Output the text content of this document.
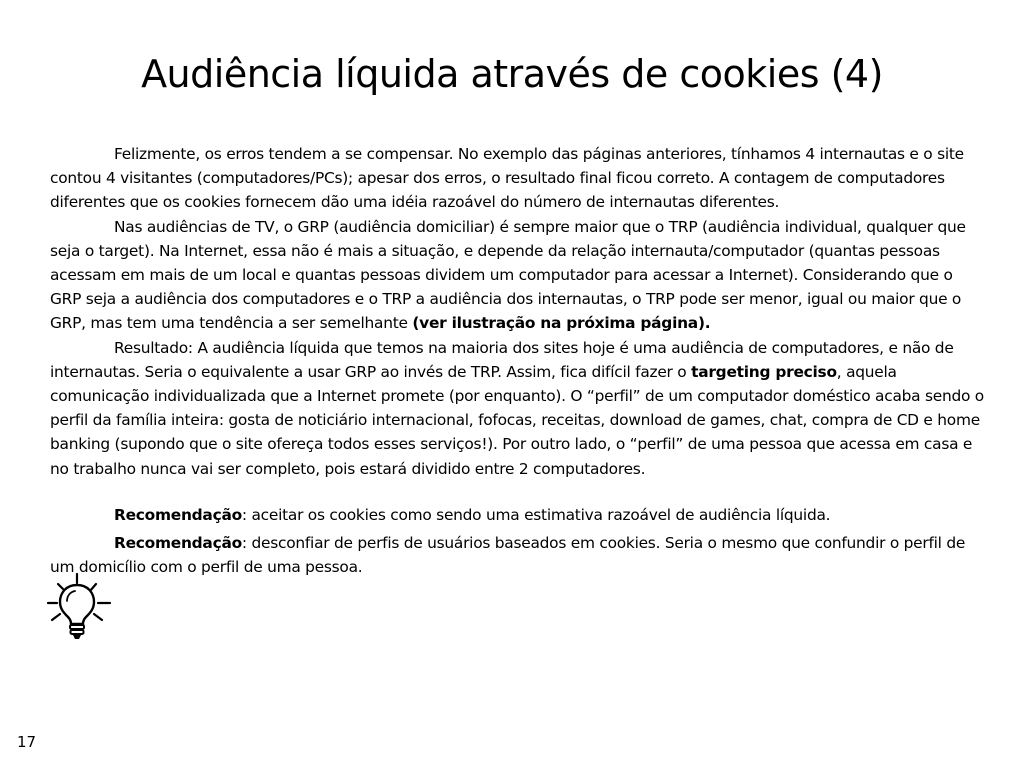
Audiência líquida através de cookies (4)

Felizmente, os erros tendem a se compensar. No exemplo das páginas anteriores, tínhamos 4 internautas e o site contou 4 visitantes (computadores/PCs); apesar dos erros, o resultado final ficou correto. A contagem de computadores diferentes que os cookies fornecem dão uma idéia razoável do número de internautas diferentes.

Nas audiências de TV, o GRP (audiência domiciliar) é sempre maior que o TRP (audiência individual, qualquer que seja o target). Na Internet, essa não é mais a situação, e depende da relação internauta/computador (quantas pessoas acessam em mais de um local e quantas pessoas dividem um computador para acessar a Internet). Considerando que o GRP seja a audiência dos computadores e o TRP a audiência dos internautas, o TRP pode ser menor, igual ou maior que o GRP, mas tem uma tendência a ser semelhante (ver ilustração na próxima página).

Resultado: A audiência líquida que temos na maioria dos sites hoje é uma audiência de computadores, e não de internautas. Seria o equivalente a usar GRP ao invés de TRP. Assim, fica difícil fazer o targeting preciso, aquela comunicação individualizada que a Internet promete (por enquanto). O “perfil” de um computador doméstico acaba sendo o perfil da família inteira: gosta de noticiário internacional, fofocas, receitas, download de games, chat, compra de CD e home banking (supondo que o site ofereça todos esses serviços!). Por outro lado, o “perfil” de uma pessoa que acessa em casa e no trabalho nunca vai ser completo, pois estará dividido entre 2 computadores.

Recomendação: aceitar os cookies como sendo uma estimativa razoável de audiência líquida.

Recomendação: desconfiar de perfis de usuários baseados em cookies. Seria o mesmo que confundir o perfil de um domicílio com o perfil de uma pessoa.

17
